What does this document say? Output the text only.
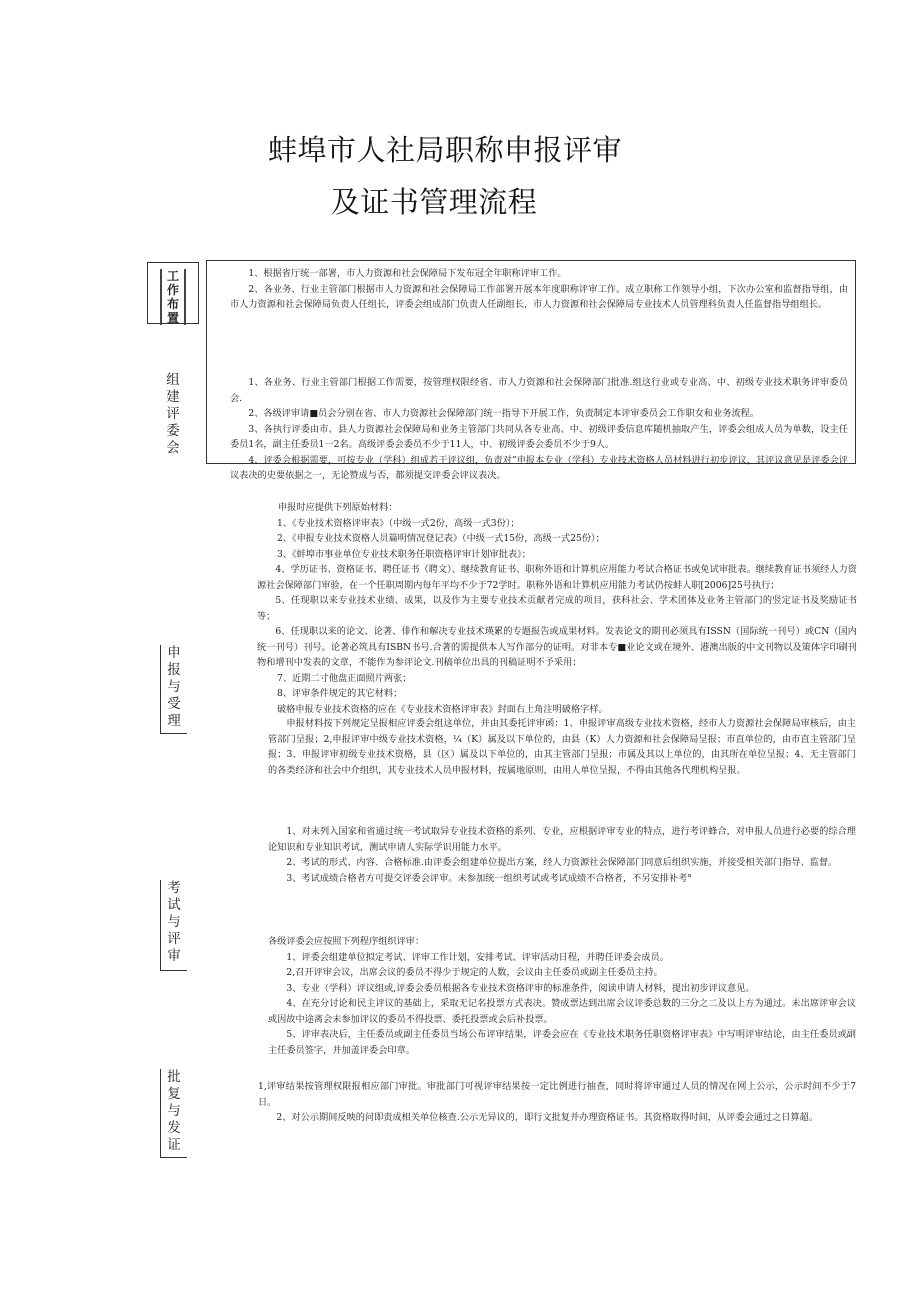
蚌埠市人社局职称申报评审
及证书管理流程
工作布置
组建评委会
申报与受理
考试与评审
批复与发证

1、根据省厅统一部署，市人力资源和社会保障局下发布冠全年职称评审工作。

2、各业务、行业主管部门根据市人力资源和社会保障局工作部署开展本年度职称评审工作。成立职称工作领导小组，下次办公室和监督指导组，由市人力资源和社会保障局负责人任组长，评委会组成部门负责人任副组长，市人力资源和社会保障局专业技术人员管理科负责人任监督指导组组长。

1、各业务、行业主管部门根据工作需要，按管理权限经省、市人力资源和社会保障部门批准.组这行业或专业高、中、初级专业技术职务评审委员会.

2、各级评审请■员会分别在省、市人力资源社会保障部门统一指导下开展工作，负责制定本评审委员会工作职女和业务流程。

3、各执行评委由市、县人力资源社会保障局和业务主管部门共同从各专业高、中、初级评委信息库随机抽取产生，评委会组成人员为单数，设主任委员1名，副主任委员1一2名。高级评委会委员不少于11人，中、初级评委会委员不少于9人。

4、评委会根据需要，可按专业（学科）组成若干评议组，负责对”申报本专业（学科）专业技术资格人员材料进行初步评议，其评议意见是评委会评议表决的史要依据之一，无论赞成与否，都须提交评委会评议表决。

申报时应提供下列原始材料：

1、《专业技术资格评审表》（中级一式2份，高级一式3份）；

2、《申报专业技术资格人员篇明情况登记表》（中级一式15份，高级一式25份）；

3、《蚌埠市事业单位专业技术职务任职资格评审计划审批表》；

4、学历证书、资格证书、聘任证书（聘文）、继续教育证书、职称外语和计算机应用能力考试合格证书或免试审批表。继续教育证书须经人力资源社会保障部门审验，在一个任职周期内每年平均不少于72学时。职称外语和计算机应用能力考试仍按蚌人职[2006]25号执行；

5、任现职以来专业技术业绩、成果，以及作为主要专业技术贡献者完成的项目，获科社会、学术团体及业务主管部门的竖定证书及奖励证书等；

6、任现职以来的论文、论著、俳作和解决专业技术瑛累的专题报告或成果材料。发表论文的期刊必须具有ISSN（国际统一刊号）或CN（国内统一刊号）刊号。论著必筑具有ISBN书号.合著的需提供本人写作部分的证明。对非本专■业论文或在境外、港澳出版的中文刊物以及策体字印刷刊物和增刊中发表的文章，不能作为参评论文.刊稿单位出具的刊稿证明不予采用；

7、近期二寸他盘正面照片两张；

8、评审条件规定的其它材料；

破格申报专业技术资格的应在《专业技术资格评审表》封面右上角注明破格字样。

申报材料按下列规定呈报相应评委会组这单位，并由其委托评审函：1、申报评审高级专业技术资格，经市人力资源社会保障局审核后，由主管部门呈报；2,申报评审中级专业技术资格，¼（K）属及以下单位的，由县（K）人力资源和社会保障局呈报；市直单位的，由市直主管部门呈报；3、申报评审初级专业技术资格，县（区）属及以下单位的，由其主管部门呈报；市属及其以上单位的，由其所在单位呈报；4、无主管部门的各类经济和社会中介组织，其专业技术人员申报材料，按属地原则，由用人单位呈报，不得由其他各代理机构呈报。

1、对未列入国家和省通过统一考试取异专业技术资格的系列、专业，应根据评审专业的特点，进行考评蜂合，对申报人员进行必要的综合理论知识和专业知识考试，测试申请人实际学识用能力水平。

2、考试的形式、内容、合格标准.由评委会组建单位提出方案，经人力资源社会保障部门同意后组织实施，并接受相关部门指导、监督。

3、考试成绩合格者方可提交评委会评审。未参加统一组织考试或考试成绩不合格者，不另安排补考°

各级评委会应按照下列程序组织评审：

1、评委会组建单位拟定考试、评审工作计划，安排考试、评审活动日程，并聘任评委会成员。

2,召开评审会议，出席会议的委员不得少于规定的人数，会议由主任委员或副主任委员主持。

3、专业（学科）评议组或,评委会委员根据各专业技术资格评审的标准条件，阅读申请人材料，提出初步评议意见。

4、在充分讨论和民主评议的基础上，采取无记名投票方式表决。赞成票达到出席会议评委总数的三分之二及以上方为通过。未出席评审会议或因故中途离会未参加评议的委员不得投票、委托投票或会后补投票。

5、评审表决后，主任委员或副主任委员当场公布评审结果，评委会应在《专业技术职务任职资格评审表》中写明评审结论，由主任委员或副主任委员签字，并加盖评委会印章。

1,评审结果按管理权限报相应部门审批。审批部门可视评审结果按一定比例进行抽查，同时将评审通过人员的情况在网上公示，公示时间不少于7日。

2、对公示期间反映的问即责成相关单位核查.公示无异议的，即行文批复并办理资格证书。其资格取得时间，从评委会通过之日算超。
